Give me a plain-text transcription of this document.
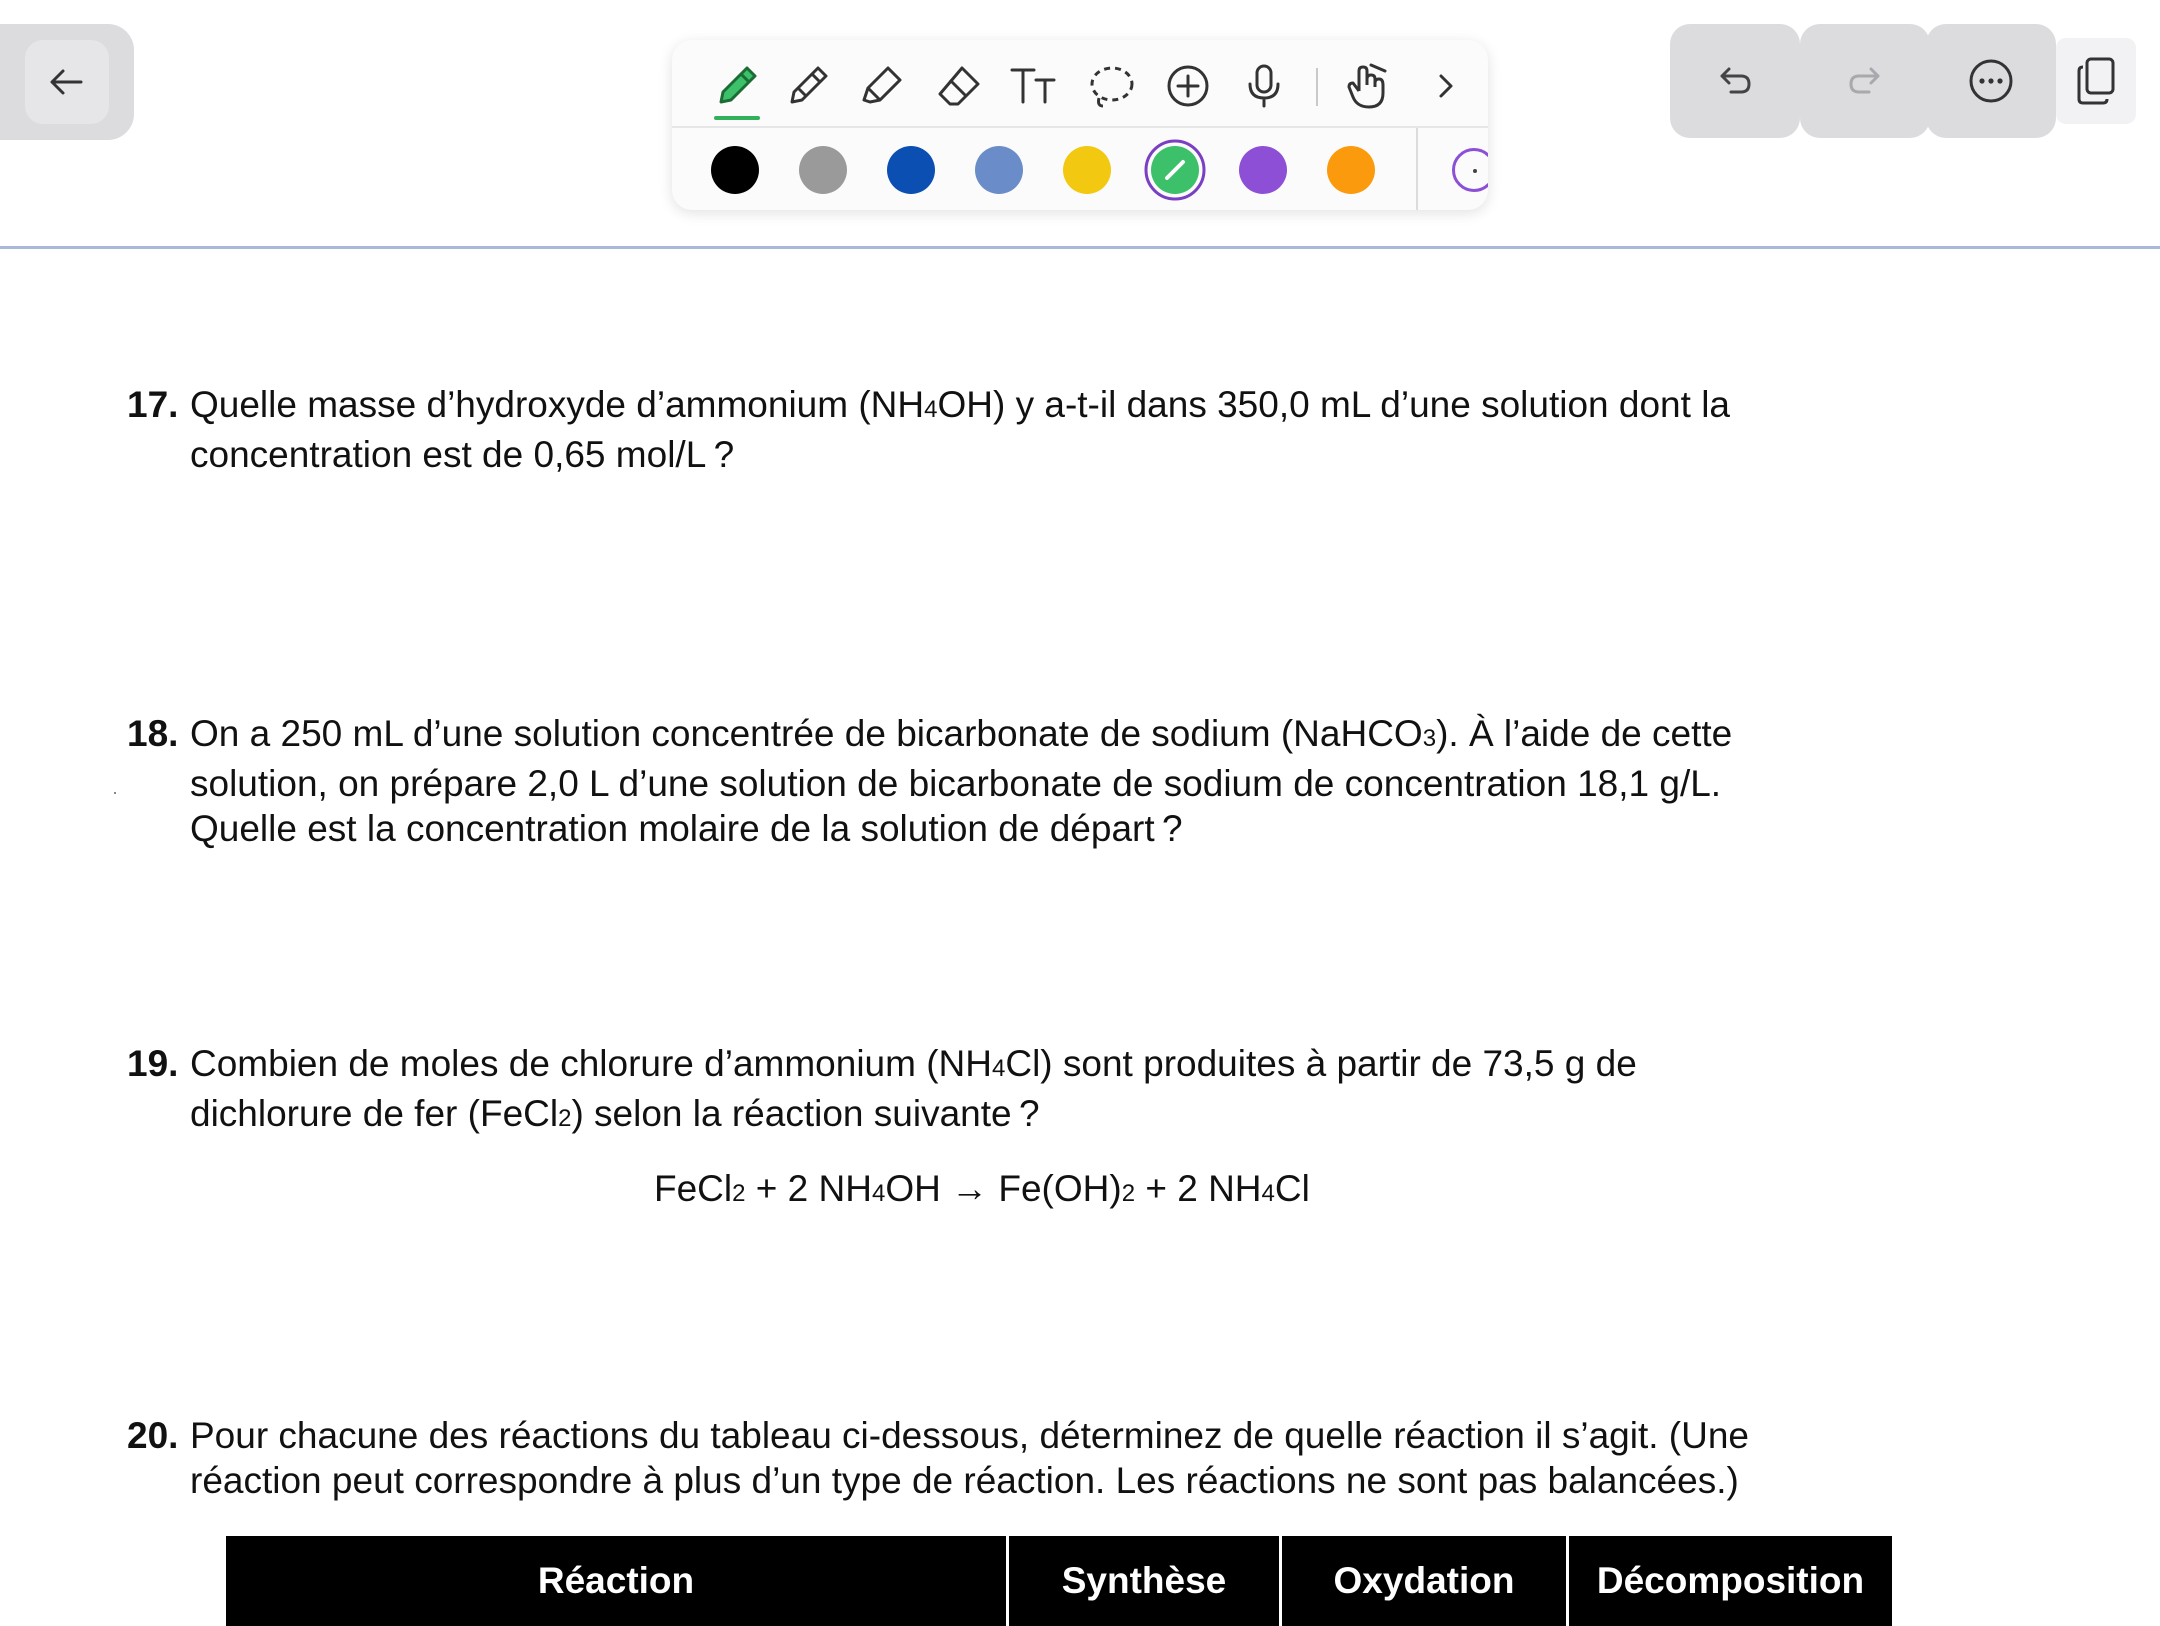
17. Quelle masse d’hydroxyde d’ammonium (NH4OH) y a-t-il dans 350,0 mL d’une solution dont la
concentration est de 0,65 mol/L ?
18. On a 250 mL d’une solution concentrée de bicarbonate de sodium (NaHCO3). À l’aide de cette
solution, on prépare 2,0 L d’une solution de bicarbonate de sodium de concentration 18,1 g/L.
Quelle est la concentration molaire de la solution de départ ?
19. Combien de moles de chlorure d’ammonium (NH4Cl) sont produites à partir de 73,5 g de
dichlorure de fer (FeCl2) selon la réaction suivante ?
FeCl2 + 2 NH4OH → Fe(OH)2 + 2 NH4Cl
20. Pour chacune des réactions du tableau ci-dessous, déterminez de quelle réaction il s’agit. (Une
réaction peut correspondre à plus d’un type de réaction. Les réactions ne sont pas balancées.)
Réaction	Synthèse	Oxydation	Décomposition
